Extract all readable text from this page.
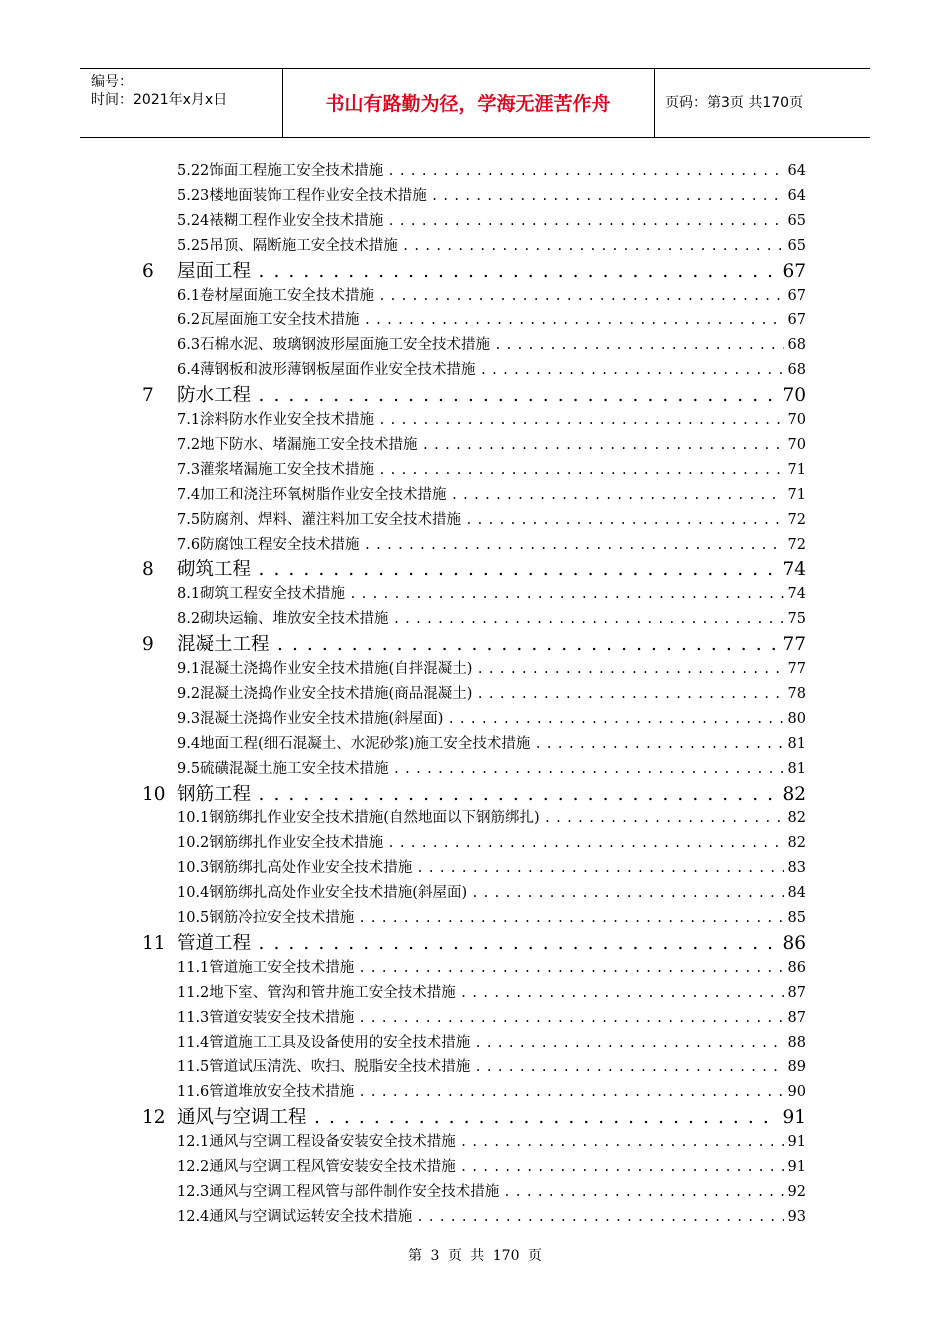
编号：
时间：2021年x月x日	书山有路勤为径，学海无涯苦作舟	页码：第3页 共170页
5.22饰面工程施工安全技术措施 . . .	64
5.23楼地面装饰工程作业安全技术措施 . . .	64
5.24裱糊工程作业安全技术措施 . . .	65
5.25吊顶、隔断施工安全技术措施 . . .	65
6 屋面工程 . . .	67
6.1卷材屋面施工安全技术措施 . . .	67
6.2瓦屋面施工安全技术措施 . . .	67
6.3石棉水泥、玻璃钢波形屋面施工安全技术措施 . . .	68
6.4薄钢板和波形薄钢板屋面作业安全技术措施 . . .	68
7 防水工程 . . .	70
7.1涂料防水作业安全技术措施 . . .	70
7.2地下防水、堵漏施工安全技术措施 . . .	70
7.3灌浆堵漏施工安全技术措施 . . .	71
7.4加工和浇注环氧树脂作业安全技术措施 . . .	71
7.5防腐剂、焊料、灌注料加工安全技术措施 . . .	72
7.6防腐蚀工程安全技术措施 . . .	72
8 砌筑工程 . . .	74
8.1砌筑工程安全技术措施 . . .	74
8.2砌块运输、堆放安全技术措施 . . .	75
9 混凝土工程 . . .	77
9.1混凝土浇捣作业安全技术措施(自拌混凝土) . . .	77
9.2混凝土浇捣作业安全技术措施(商品混凝土) . . .	78
9.3混凝土浇捣作业安全技术措施(斜屋面) . . .	80
9.4地面工程(细石混凝土、水泥砂浆)施工安全技术措施 . . .	81
9.5硫磺混凝土施工安全技术措施 . . .	81
10 钢筋工程 . . .	82
10.1钢筋绑扎作业安全技术措施(自然地面以下钢筋绑扎) . . .	82
10.2钢筋绑扎作业安全技术措施 . . .	82
10.3钢筋绑扎高处作业安全技术措施 . . .	83
10.4钢筋绑扎高处作业安全技术措施(斜屋面) . . .	84
10.5钢筋冷拉安全技术措施 . . .	85
11 管道工程 . . .	86
11.1管道施工安全技术措施 . . .	86
11.2地下室、管沟和管井施工安全技术措施 . . .	87
11.3管道安装安全技术措施 . . .	87
11.4管道施工工具及设备使用的安全技术措施 . . .	88
11.5管道试压清洗、吹扫、脱脂安全技术措施 . . .	89
11.6管道堆放安全技术措施 . . .	90
12 通风与空调工程 . . .	91
12.1通风与空调工程设备安装安全技术措施 . . .	91
12.2通风与空调工程风管安装安全技术措施 . . .	91
12.3通风与空调工程风管与部件制作安全技术措施 . . .	92
12.4通风与空调试运转安全技术措施 . . .	93
第 3 页 共 170 页
